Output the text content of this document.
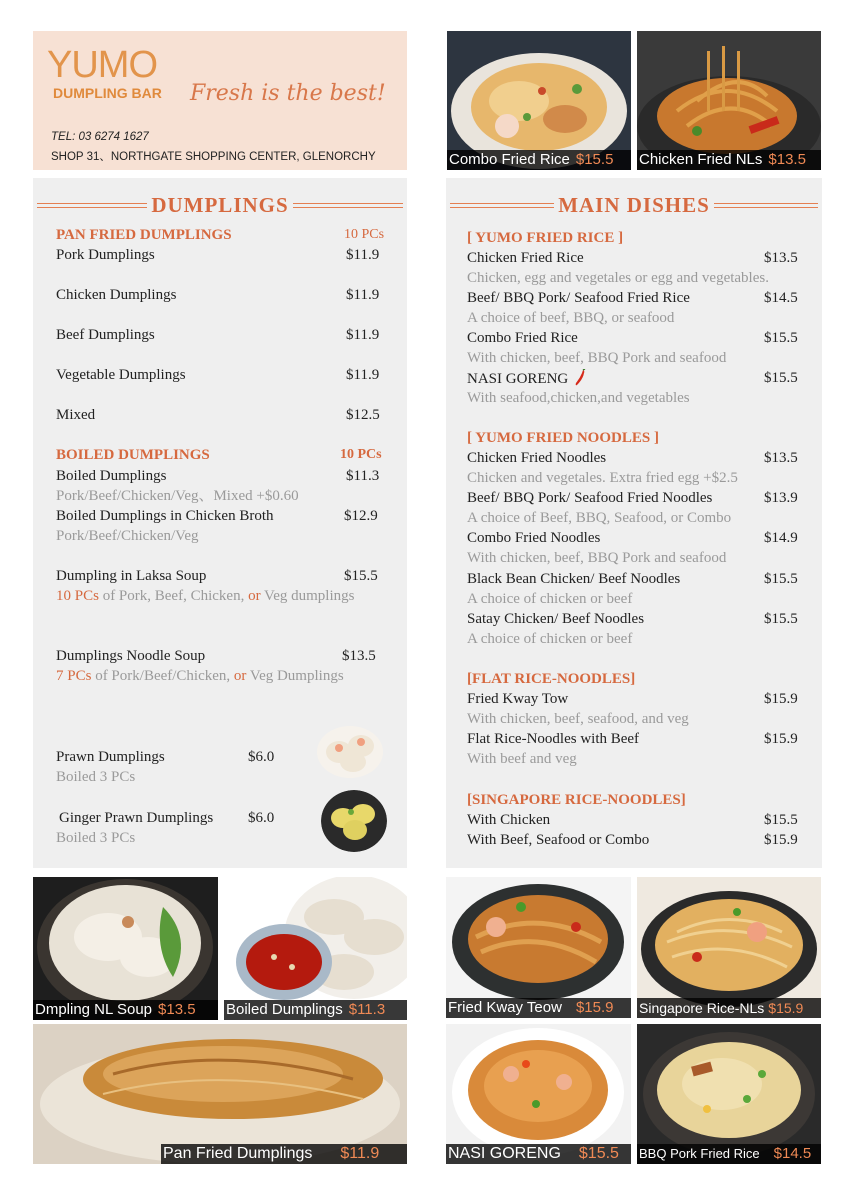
YUMO
DUMPLING BAR Fresh is the best!
TEL: 03 6274 1627
SHOP 31、NORTHGATE SHOPPING CENTER, GLENORCHY	Combo Fried Rice $15.5	Chicken Fried NLs $13.5
DUMPLINGS
PAN FRIED DUMPLINGS	10 PCs
Pork Dumplings	$11.9
Chicken Dumplings	$11.9
Beef Dumplings	$11.9
Vegetable Dumplings	$11.9
Mixed	$12.5
BOILED DUMPLINGS	10 PCs
Boiled Dumplings	$11.3
Pork/Beef/Chicken/Veg、Mixed +$0.60
Boiled Dumplings in Chicken Broth	$12.9
Pork/Beef/Chicken/Veg
Dumpling in Laksa Soup	$15.5
10 PCs of Pork, Beef, Chicken, or Veg dumplings
Dumplings Noodle Soup	$13.5
7 PCs of Pork/Beef/Chicken, or Veg Dumplings
Prawn Dumplings	$6.0
Boiled 3 PCs
Ginger Prawn Dumplings $6.0
Boiled 3 PCs
MAIN DISHES
[ YUMO FRIED RICE ]
Chicken Fried Rice	$13.5
Chicken, egg and vegetales or egg and vegetables.
Beef/ BBQ Pork/ Seafood Fried Rice	$14.5
A choice of beef, BBQ, or seafood
Combo Fried Rice	$15.5
With chicken, beef, BBQ Pork and seafood
NASI GORENG	$15.5
With seafood,chicken,and vegetables
[ YUMO FRIED NOODLES ]
Chicken Fried Noodles	$13.5
Chicken and vegetales. Extra fried egg +$2.5
Beef/ BBQ Pork/ Seafood Fried Noodles	$13.9
A choice of Beef, BBQ, Seafood, or Combo
Combo Fried Noodles	$14.9
With chicken, beef, BBQ Pork and seafood
Black Bean Chicken/ Beef Noodles	$15.5
A choice of chicken or beef
Satay Chicken/ Beef Noodles	$15.5
A choice of chicken or beef
[FLAT RICE-NOODLES]
Fried Kway Tow	$15.9
With chicken, beef, seafood, and veg
Flat Rice-Noodles with Beef	$15.9
With beef and veg
[SINGAPORE RICE-NOODLES]
With Chicken	$15.5
With Beef, Seafood or Combo	$15.9
Dmpling NL Soup $13.5	Boiled Dumplings $11.3
Pan Fried Dumplings $11.9
Fried Kway Teow $15.9	Singapore Rice-NLs $15.9
NASI GORENG $15.5	BBQ Pork Fried Rice $14.5
